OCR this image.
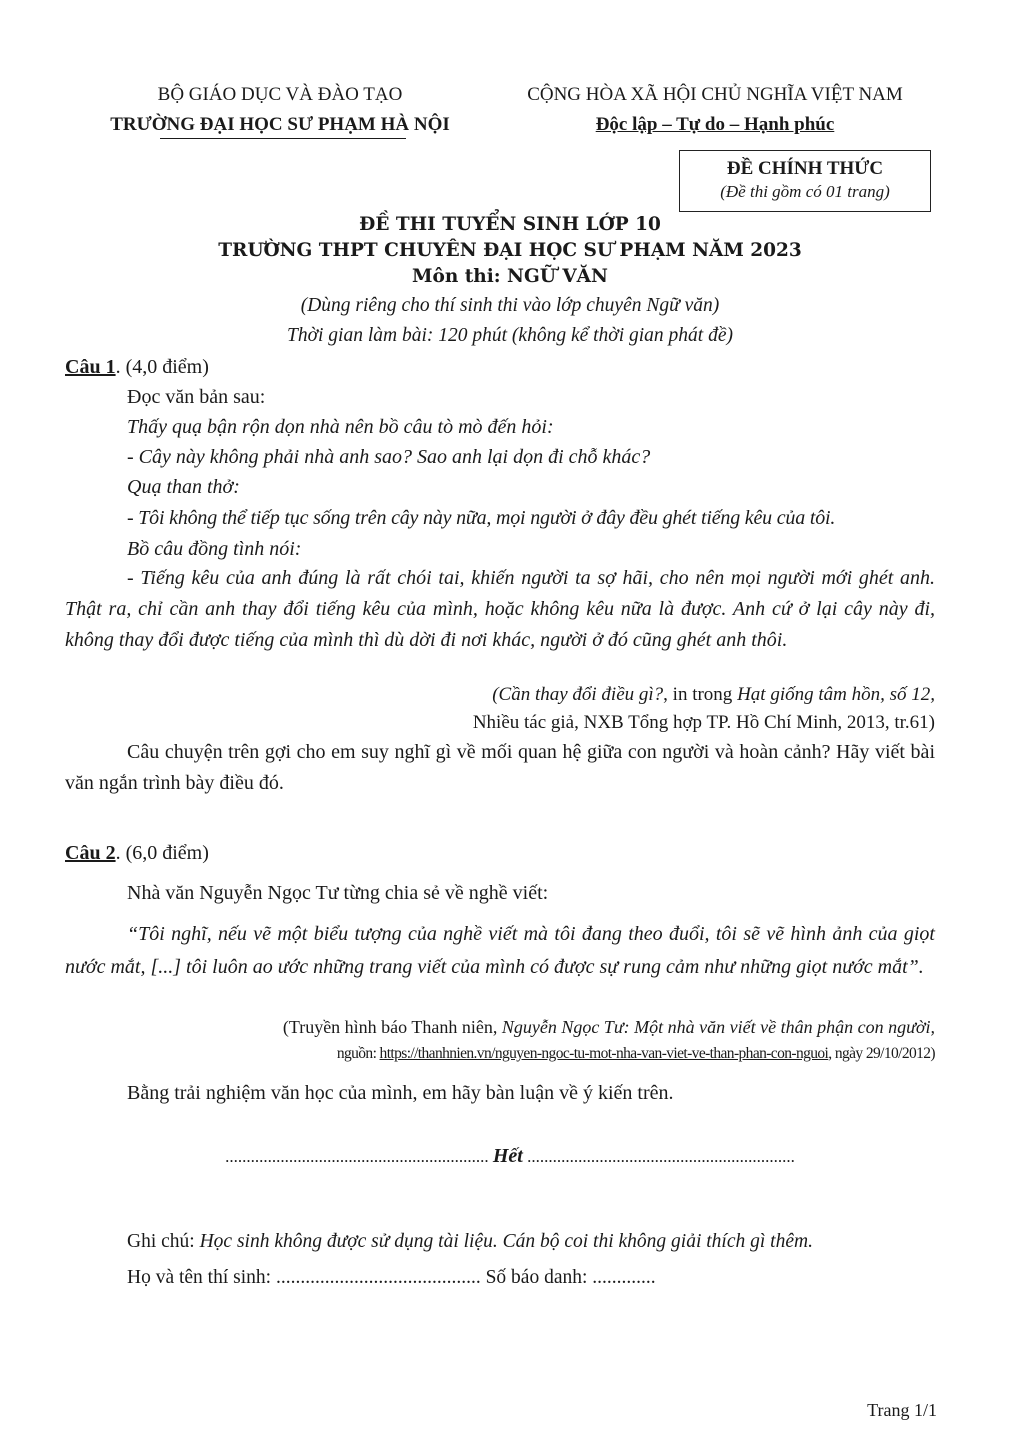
BỘ GIÁO DỤC VÀ ĐÀO TẠO
TRƯỜNG ĐẠI HỌC SƯ PHẠM HÀ NỘI
CỘNG HÒA XÃ HỘI CHỦ NGHĨA VIỆT NAM
Độc lập – Tự do – Hạnh phúc
ĐỀ CHÍNH THỨC
(Đề thi gồm có 01 trang)
ĐỀ THI TUYỂN SINH LỚP 10
TRƯỜNG THPT CHUYÊN ĐẠI HỌC SƯ PHẠM NĂM 2023
Môn thi: NGỮ VĂN
(Dùng riêng cho thí sinh thi vào lớp chuyên Ngữ văn)
Thời gian làm bài: 120 phút (không kể thời gian phát đề)
Câu 1. (4,0 điểm)
Đọc văn bản sau:
Thấy quạ bận rộn dọn nhà nên bồ câu tò mò đến hỏi:
- Cây này không phải nhà anh sao? Sao anh lại dọn đi chỗ khác?
Quạ than thở:
- Tôi không thể tiếp tục sống trên cây này nữa, mọi người ở đây đều ghét tiếng kêu của tôi.
Bồ câu đồng tình nói:
- Tiếng kêu của anh đúng là rất chói tai, khiến người ta sợ hãi, cho nên mọi người mới ghét anh. Thật ra, chỉ cần anh thay đổi tiếng kêu của mình, hoặc không kêu nữa là được. Anh cứ ở lại cây này đi, không thay đổi được tiếng của mình thì dù dời đi nơi khác, người ở đó cũng ghét anh thôi.
(Cần thay đổi điều gì?, in trong Hạt giống tâm hồn, số 12,
Nhiều tác giả, NXB Tổng hợp TP. Hồ Chí Minh, 2013, tr.61)
Câu chuyện trên gợi cho em suy nghĩ gì về mối quan hệ giữa con người và hoàn cảnh? Hãy viết bài văn ngắn trình bày điều đó.
Câu 2. (6,0 điểm)
Nhà văn Nguyễn Ngọc Tư từng chia sẻ về nghề viết:
“Tôi nghĩ, nếu vẽ một biểu tượng của nghề viết mà tôi đang theo đuổi, tôi sẽ vẽ hình ảnh của giọt nước mắt, [...] tôi luôn ao ước những trang viết của mình có được sự rung cảm như những giọt nước mắt”.
(Truyền hình báo Thanh niên, Nguyễn Ngọc Tư: Một nhà văn viết về thân phận con người,
nguồn: https://thanhnien.vn/nguyen-ngoc-tu-mot-nha-van-viet-ve-than-phan-con-nguoi, ngày 29/10/2012)
Bằng trải nghiệm văn học của mình, em hãy bàn luận về ý kiến trên.
.............................................................. Hết ...............................................................
Ghi chú: Học sinh không được sử dụng tài liệu. Cán bộ coi thi không giải thích gì thêm.
Họ và tên thí sinh: .......................................... Số báo danh: .............
Trang 1/1
